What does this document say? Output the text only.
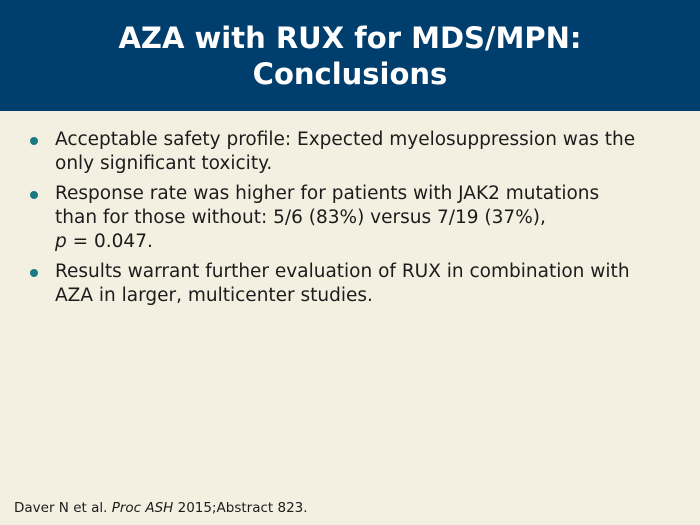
AZA with RUX for MDS/MPN:
Conclusions
Acceptable safety profile: Expected myelosuppression was the
only significant toxicity.
Response rate was higher for patients with JAK2 mutations
than for those without: 5/6 (83%) versus 7/19 (37%),
p = 0.047.
Results warrant further evaluation of RUX in combination with
AZA in larger, multicenter studies.
Daver N et al. Proc ASH 2015;Abstract 823.
